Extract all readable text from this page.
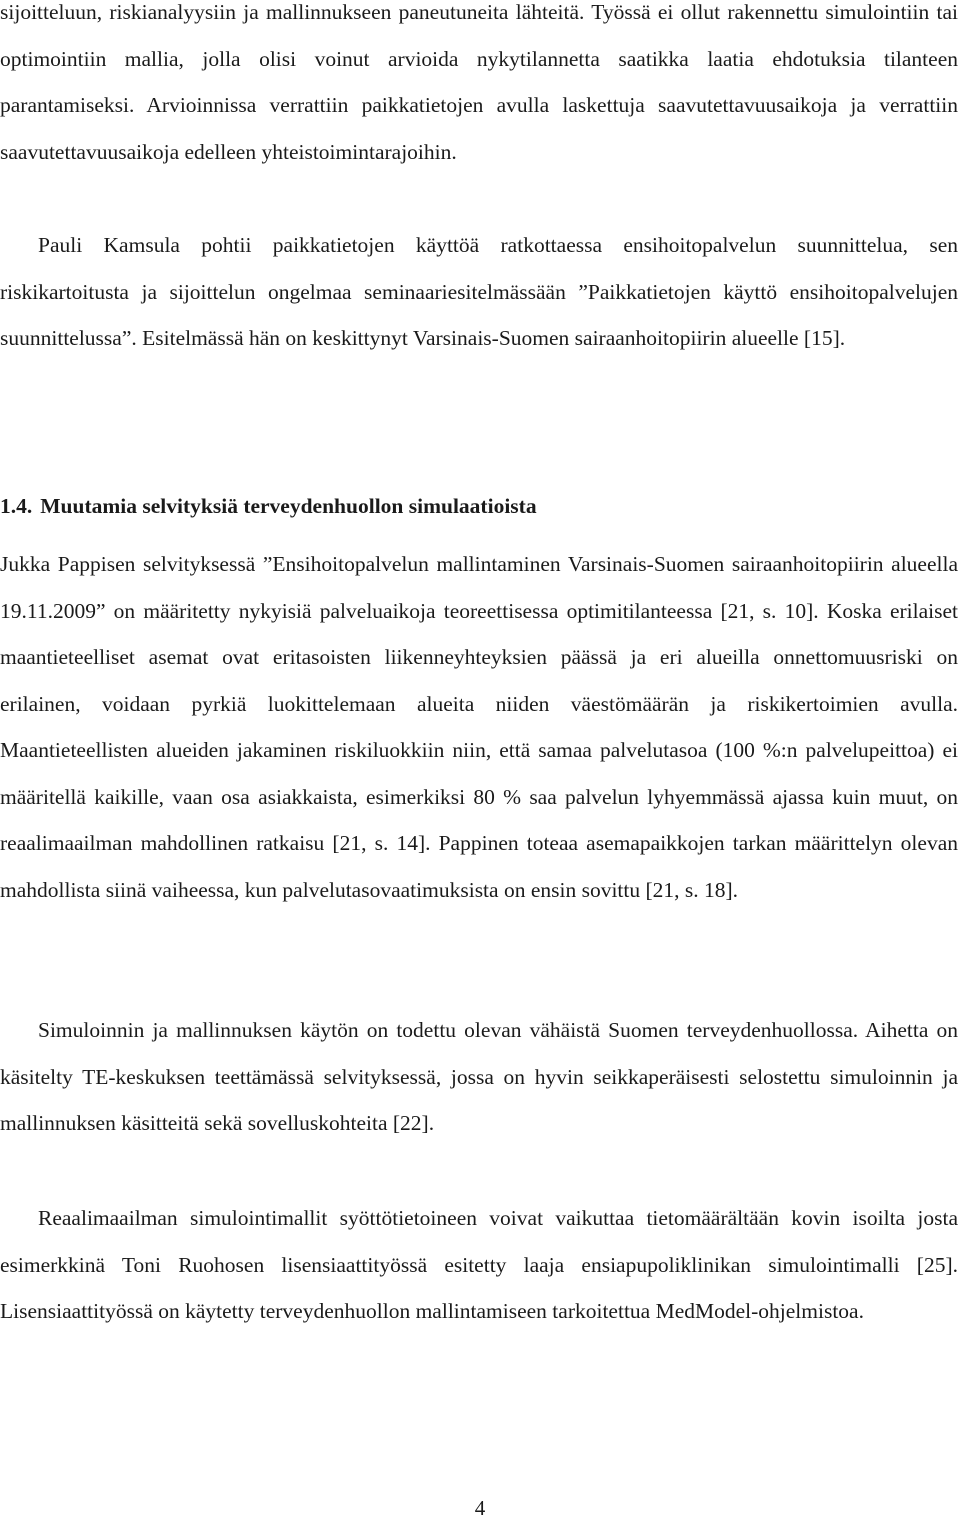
sijoitteluun, riskianalyysiin ja mallinnukseen paneutuneita lähteitä. Työssä ei ollut rakennettu simulointiin tai optimointiin mallia, jolla olisi voinut arvioida nykytilannetta saatikka laatia ehdotuksia tilanteen parantamiseksi. Arvioinnissa verrattiin paikkatietojen avulla laskettuja saavutettavuusaikoja ja verrattiin saavutettavuusaikoja edelleen yhteistoimintarajoihin.

Pauli Kamsula pohtii paikkatietojen käyttöä ratkottaessa ensihoitopalvelun suunnittelua, sen riskikartoitusta ja sijoittelun ongelmaa seminaariesitelmässään ”Paikkatietojen käyttö ensihoitopalvelujen suunnittelussa”. Esitelmässä hän on keskittynyt Varsinais-Suomen sairaanhoitopiirin alueelle [15].

1.4. Muutamia selvityksiä terveydenhuollon simulaatioista

Jukka Pappisen selvityksessä ”Ensihoitopalvelun mallintaminen Varsinais-Suomen sairaanhoitopiirin alueella 19.11.2009” on määritetty nykyisiä palveluaikoja teoreettisessa optimitilanteessa [21, s. 10]. Koska erilaiset maantieteelliset asemat ovat eritasoisten liikenneyhteyksien päässä ja eri alueilla onnettomuusriski on erilainen, voidaan pyrkiä luokittelemaan alueita niiden väestömäärän ja riskikertoimien avulla. Maantieteellisten alueiden jakaminen riskiluokkiin niin, että samaa palvelutasoa (100 %:n palvelupeittoa) ei määritellä kaikille, vaan osa asiakkaista, esimerkiksi 80 % saa palvelun lyhyemmässä ajassa kuin muut, on reaalimaailman mahdollinen ratkaisu [21, s. 14]. Pappinen toteaa asemapaikkojen tarkan määrittelyn olevan mahdollista siinä vaiheessa, kun palvelutasovaatimuksista on ensin sovittu [21, s. 18].

Simuloinnin ja mallinnuksen käytön on todettu olevan vähäistä Suomen terveydenhuollossa. Aihetta on käsitelty TE-keskuksen teettämässä selvityksessä, jossa on hyvin seikkaperäisesti selostettu simuloinnin ja mallinnuksen käsitteitä sekä sovelluskohteita [22].

Reaalimaailman simulointimallit syöttötietoineen voivat vaikuttaa tietomäärältään kovin isoilta josta esimerkkinä Toni Ruohosen lisensiaattityössä esitetty laaja ensiapupoliklinikan simulointimalli [25]. Lisensiaattityössä on käytetty terveydenhuollon mallintamiseen tarkoitettua MedModel-ohjelmistoa.

4
